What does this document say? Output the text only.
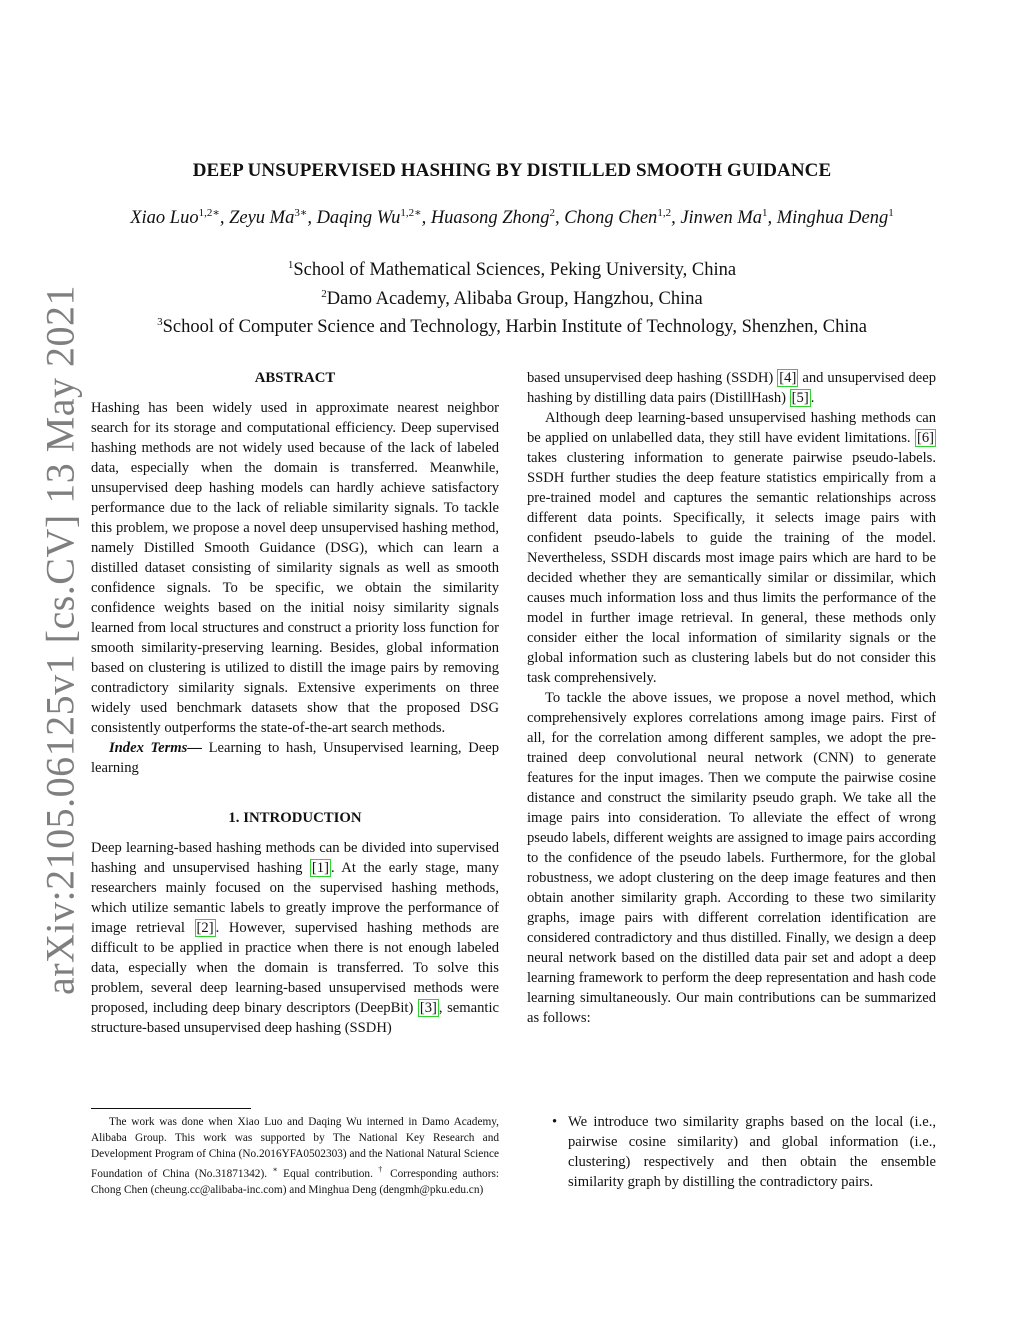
arXiv:2105.06125v1 [cs.CV] 13 May 2021
DEEP UNSUPERVISED HASHING BY DISTILLED SMOOTH GUIDANCE
Xiao Luo$^{1,2∗}$, Zeyu $Ma^{3∗}$, Daqing $Wu^{1,2∗}$, Huasong Zhong$^2$, Chong Chen$^{1,2}$, Jinwen Ma$^1$, Minghua Deng$^1$
$^1$School of Mathematical Sciences, Peking University, China
$^2$Damo Academy, Alibaba Group, Hangzhou, China
$^3$School of Computer Science and Technology, Harbin Institute of Technology, Shenzhen, China
ABSTRACT

Hashing has been widely used in approximate nearest neighbor search for its storage and computational efficiency. Deep supervised hashing methods are not widely used because of the lack of labeled data, especially when the domain is transferred. Meanwhile, unsupervised deep hashing models can hardly achieve satisfactory performance due to the lack of reliable similarity signals. To tackle this problem, we propose a novel deep unsupervised hashing method, namely Distilled Smooth Guidance (DSG), which can learn a distilled dataset consisting of similarity signals as well as smooth confidence signals. To be specific, we obtain the similarity confidence weights based on the initial noisy similarity signals learned from local structures and construct a priority loss function for smooth similarity-preserving learning. Besides, global information based on clustering is utilized to distill the image pairs by removing contradictory similarity signals. Extensive experiments on three widely used benchmark datasets show that the proposed DSG consistently outperforms the state-of-the-art search methods.

Index Terms— Learning to hash, Unsupervised learning, Deep learning

1. INTRODUCTION

Deep learning-based hashing methods can be divided into supervised hashing and unsupervised hashing [1] . At the early stage, many researchers mainly focused on the supervised hashing methods, which utilize semantic labels to greatly improve the performance of image retrieval [2] . However, supervised hashing methods are difficult to be applied in practice when there is not enough labeled data, especially when the domain is transferred. To solve this problem, several deep learning-based unsupervised methods were proposed, including deep binary descriptors (DeepBit) [3] , semantic structure-based unsupervised deep hashing (SSDH)

The work was done when Xiao Luo and Daqing Wu interned in Damo Academy, Alibaba Group. This work was supported by The National Key Research and Development Program of China (No.2016YFA0502303) and the National Natural Science Foundation of China (No.31871342). ∗ Equal contribution. † Corresponding authors: Chong Chen (cheung.cc@alibaba-inc.com) and Minghua Deng (dengmh@pku.edu.cn)

based unsupervised deep hashing (SSDH) [4] and unsupervised deep hashing by distilling data pairs (DistillHash) [5] .

Although deep learning-based unsupervised hashing methods can be applied on unlabelled data, they still have evident limitations. [6] takes clustering information to generate pairwise pseudo-labels. SSDH further studies the deep feature statistics empirically from a pre-trained model and captures the semantic relationships across different data points. Specifically, it selects image pairs with confident pseudo-labels to guide the training of the model. Nevertheless, SSDH discards most image pairs which are hard to be decided whether they are semantically similar or dissimilar, which causes much information loss and thus limits the performance of the model in further image retrieval. In general, these methods only consider either the local information of similarity signals or the global information such as clustering labels but do not consider this task comprehensively.

To tackle the above issues, we propose a novel method, which comprehensively explores correlations among image pairs. First of all, for the correlation among different samples, we adopt the pre-trained deep convolutional neural network (CNN) to generate features for the input images. Then we compute the pairwise cosine distance and construct the similarity pseudo graph. We take all the image pairs into consideration. To alleviate the effect of wrong pseudo labels, different weights are assigned to image pairs according to the confidence of the pseudo labels. Furthermore, for the global robustness, we adopt clustering on the deep image features and then obtain another similarity graph. According to these two similarity graphs, image pairs with different correlation identification are considered contradictory and thus distilled. Finally, we design a deep neural network based on the distilled data pair set and adopt a deep learning framework to perform the deep representation and hash code learning simultaneously. Our main contributions can be summarized as follows:

• We introduce two similarity graphs based on the local (i.e., pairwise cosine similarity) and global information (i.e., clustering) respectively and then obtain the ensemble similarity graph by distilling the contradictory pairs.
